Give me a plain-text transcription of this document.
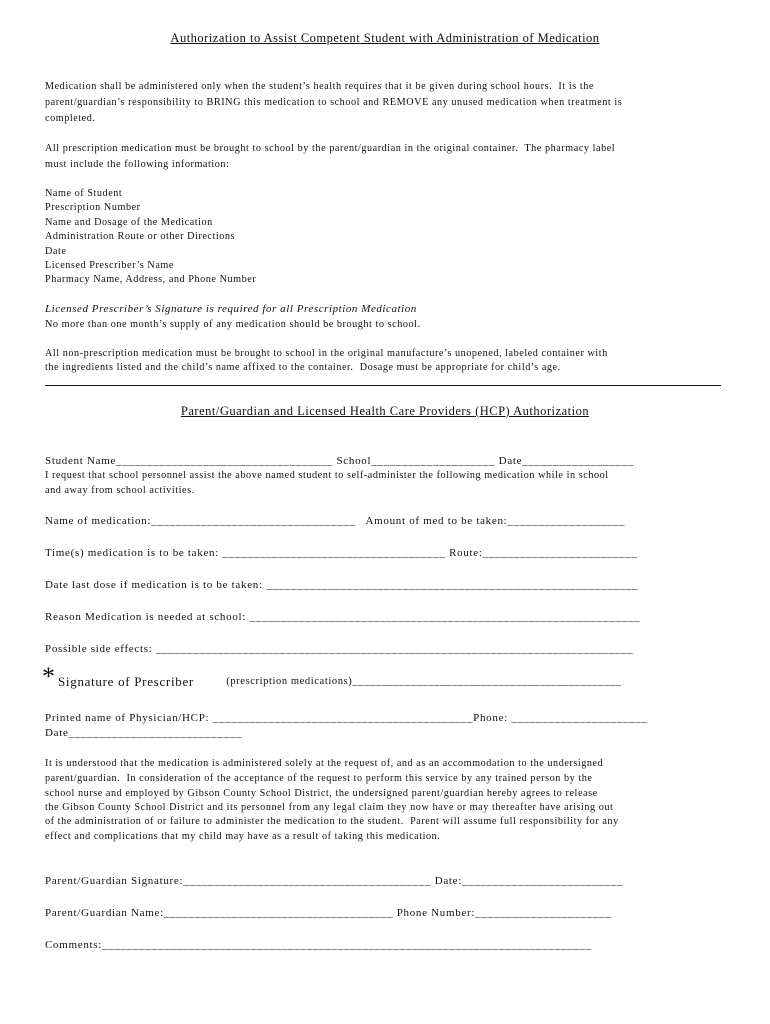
Authorization to Assist Competent Student with Administration of Medication
Medication shall be administered only when the student’s health requires that it be given during school hours.  It is the
parent/guardian’s responsibility to BRING this medication to school and REMOVE any unused medication when treatment is
completed.
All prescription medication must be brought to school by the parent/guardian in the original container.  The pharmacy label
must include the following information:
Name of Student
Prescription Number
Name and Dosage of the Medication
Administration Route or other Directions
Date
Licensed Prescriber’s Name
Pharmacy Name, Address, and Phone Number
Licensed Prescriber’s Signature is required for all Prescription Medication
No more than one month’s supply of any medication should be brought to school.
All non-prescription medication must be brought to school in the original manufacture’s unopened, labeled container with
the ingredients listed and the child’s name affixed to the container.  Dosage must be appropriate for child’s age.
Parent/Guardian and Licensed Health Care Providers (HCP) Authorization
Student Name___________________________________ School____________________ Date__________________
I request that school personnel assist the above named student to self-administer the following medication while in school
and away from school activities.
Name of medication:_________________________________   Amount of med to be taken:___________________
Time(s) medication is to be taken: ____________________________________ Route:_________________________
Date last dose if medication is to be taken: ____________________________________________________________
Reason Medication is needed at school: _______________________________________________________________
Possible side effects: _____________________________________________________________________________
* Signature of Prescriber	(prescription medications)______________________________________________
Printed name of Physician/HCP: __________________________________________Phone: ______________________
Date____________________________
It is understood that the medication is administered solely at the request of, and as an accommodation to the undersigned
parent/guardian.  In consideration of the acceptance of the request to perform this service by any trained person by the
school nurse and employed by Gibson County School District, the undersigned parent/guardian hereby agrees to release
the Gibson County School District and its personnel from any legal claim they now have or may thereafter have arising out
of the administration of or failure to administer the medication to the student.  Parent will assume full responsibility for any
effect and complications that my child may have as a result of taking this medication.
Parent/Guardian Signature:________________________________________ Date:__________________________
Parent/Guardian Name:_____________________________________ Phone Number:______________________
Comments:_______________________________________________________________________________
